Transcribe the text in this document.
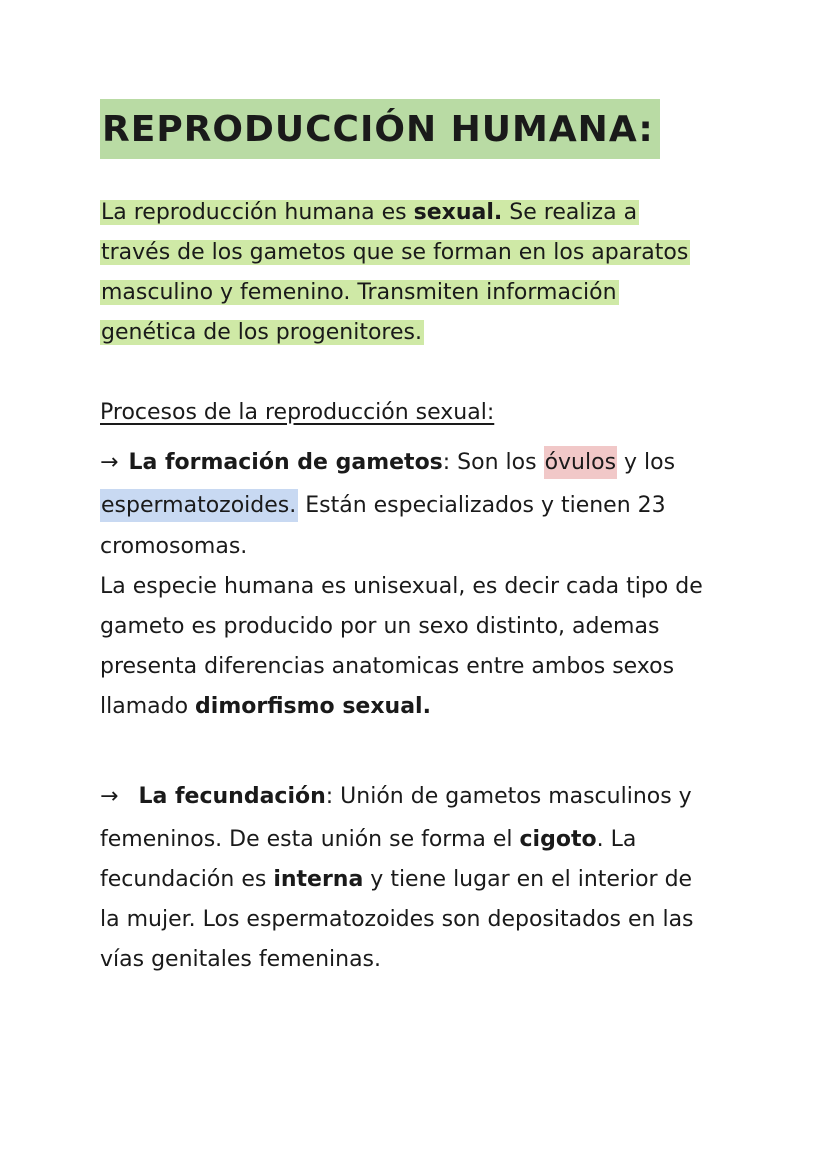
REPRODUCCIÓN HUMANA:
La reproducción humana es sexual. Se realiza a
través de los gametos que se forman en los aparatos
masculino y femenino. Transmiten información
genética de los progenitores.
Procesos de la reproducción sexual:
→ La formación de gametos: Son los óvulos y los
espermatozoides. Están especializados y tienen 23
cromosomas.
La especie humana es unisexual, es decir cada tipo de
gameto es producido por un sexo distinto, ademas
presenta diferencias anatomicas entre ambos sexos
llamado dimorfismo sexual.
→ La fecundación: Unión de gametos masculinos y
femeninos. De esta unión se forma el cigoto. La
fecundación es interna y tiene lugar en el interior de
la mujer. Los espermatozoides son depositados en las
vías genitales femeninas.
